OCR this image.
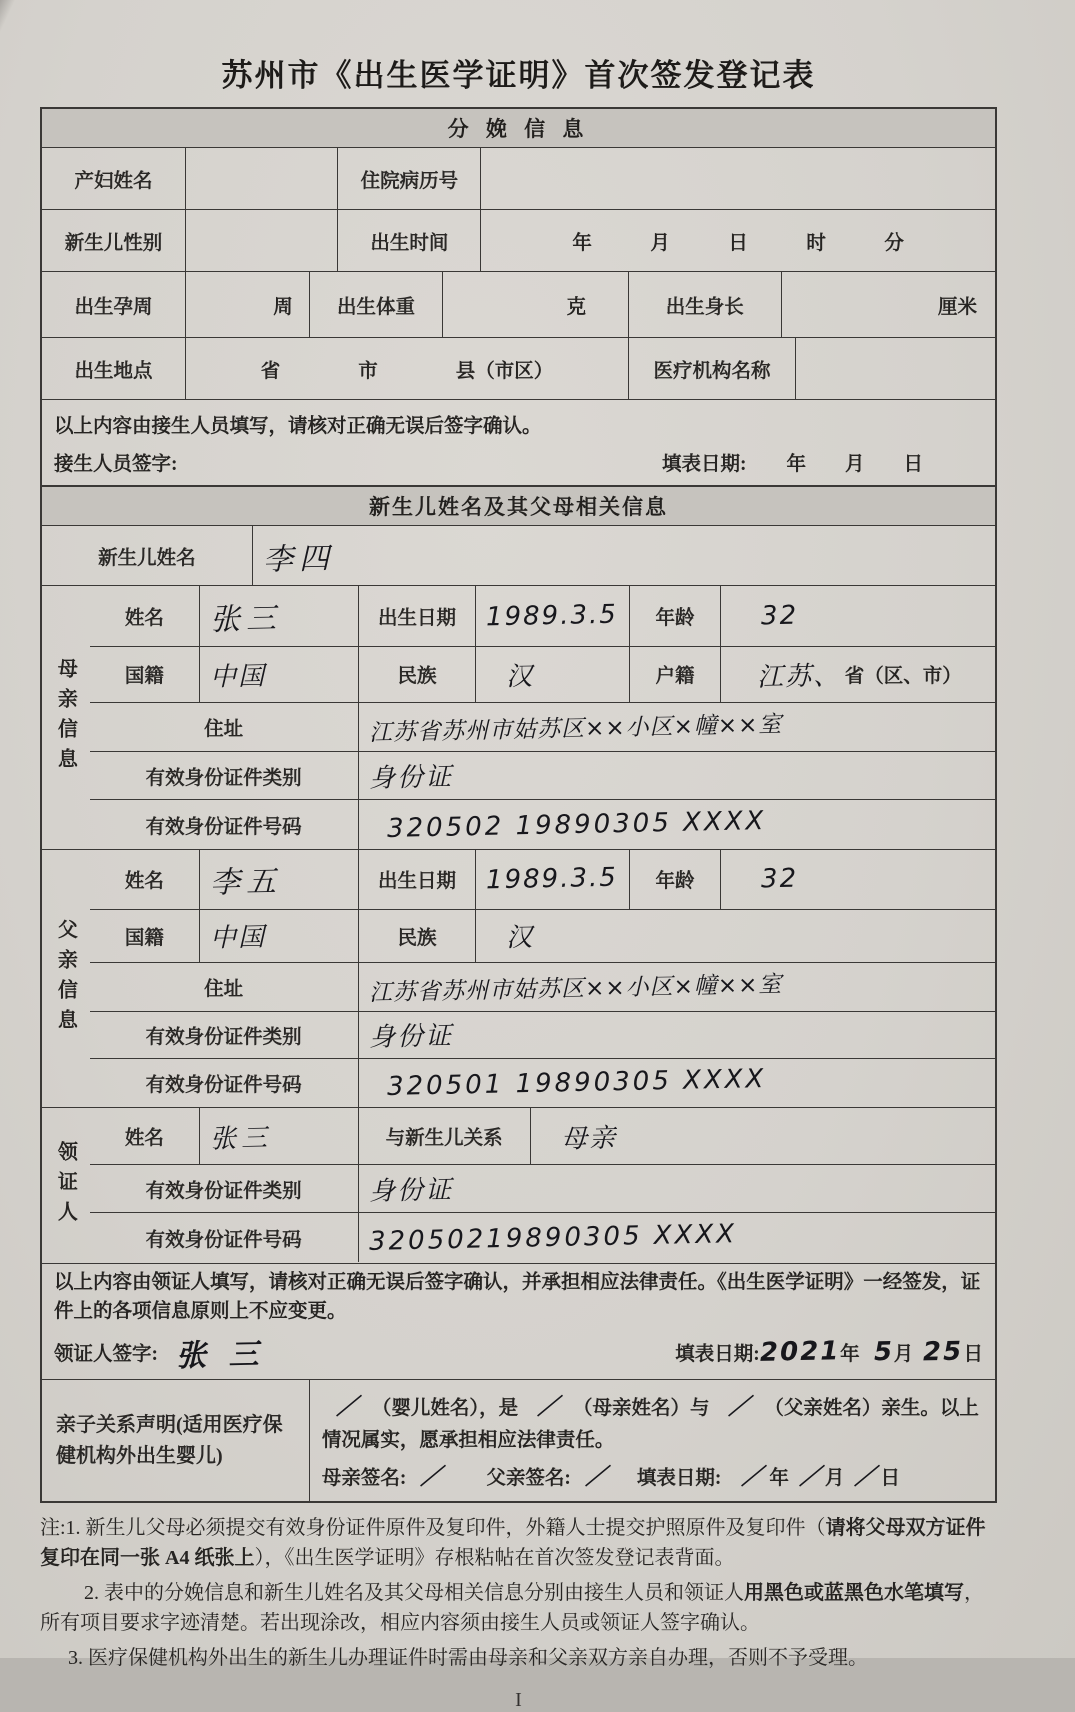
苏州市《出生医学证明》首次签发登记表
分 娩 信 息
产妇姓名	住院病历号
新生儿性别	出生时间	年　　　月　　　日　　　时　　　分
出生孕周	周	出生体重	克	出生身长	厘米
出生地点	省　　　　市　　　　县（市区）	医疗机构名称
以上内容由接生人员填写，请核对正确无误后签字确认。
接生人员签字:	填表日期: 年　　月　　日
新生儿姓名及其父母相关信息
新生儿姓名	李四
母亲信息
姓名	张三	出生日期	1989.3.5	年龄	32
国籍	中国	民族	汉	户籍	江苏、 省（区、市）
住址	江苏省苏州市姑苏区××小区×幢××室
有效身份证件类别	身份证
有效身份证件号码	320502 19890305 XXXX
父亲信息
姓名	李五	出生日期	1989.3.5	年龄	32
国籍	中国	民族	汉
住址	江苏省苏州市姑苏区××小区×幢××室
有效身份证件类别	身份证
有效身份证件号码	320501 19890305 XXXX
领证人
姓名	张三	与新生儿关系	母亲
有效身份证件类别	身份证
有效身份证件号码	32050219890305 XXXX
以上内容由领证人填写，请核对正确无误后签字确认，并承担相应法律责任。《出生医学证明》一经签发，证件上的各项信息原则上不应变更。
领证人签字: 张 三	填表日期: 2021 年 5 月 25 日
亲子关系声明(适用医疗保健机构外出生婴儿)
／ （婴儿姓名），是 ／ （母亲姓名）与 ／ （父亲姓名）亲生。以上情况属实，愿承担相应法律责任。
母亲签名: ／ 父亲签名: ／ 填表日期: ／ 年 ／ 月 ／ 日

注:1. 新生儿父母必须提交有效身份证件原件及复印件，外籍人士提交护照原件及复印件（请将父母双方证件复印在同一张 A4 纸张上），《出生医学证明》存根粘帖在首次签发登记表背面。

2. 表中的分娩信息和新生儿姓名及其父母相关信息分别由接生人员和领证人用黑色或蓝黑色水笔填写，所有项目要求字迹清楚。若出现涂改，相应内容须由接生人员或领证人签字确认。

3. 医疗保健机构外出生的新生儿办理证件时需由母亲和父亲双方亲自办理，否则不予受理。

I
